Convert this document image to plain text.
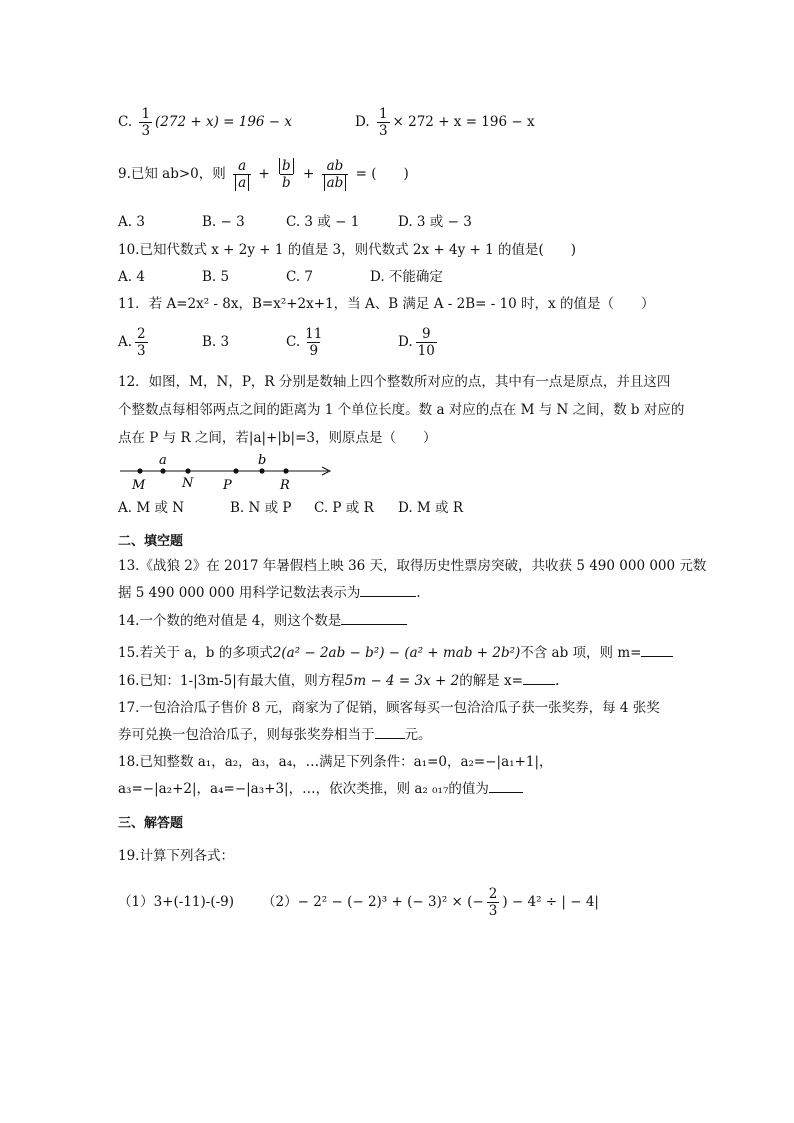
C. $\frac{1}{3} (272 + x) = 196 - x$	D. $\frac{1}{3} \times 272 + x = 196 - x$
9.已知 ab>0，则 $\frac{a}{a} + \frac{b}{b} + \frac{ab}{ab}$ = (　　)
A. 3	B. − 3	C. 3 或 − 1	D. 3 或 − 3
10.已知代数式 x + 2y + 1 的值是 3，则代数式 2x + 4y + 1 的值是(　　)
A. 4	B. 5	C. 7	D. 不能确定
11．若 A=2x² - 8x，B=x²+2x+1，当 A、B 满足 A - 2B= - 10 时，x 的值是（　　）
A. $\frac{2}{3}$	B. 3	C. $\frac{11}{9}$	D. $\frac{9}{10}$
12．如图，M，N，P，R 分别是数轴上四个整数所对应的点，其中有一点是原点，并且这四
个整数点每相邻两点之间的距离为 1 个单位长度。数 a 对应的点在 M 与 N 之间，数 b 对应的
点在 P 与 R 之间，若|a|+|b|=3，则原点是（　　）
a	b
M	N P	R
A. M 或 N	B. N 或 P C. P 或 R D. M 或 R
二、填空题
13.《战狼 2》在 2017 年暑假档上映 36 天，取得历史性票房突破，共收获 5 490 000 000 元数
据 5 490 000 000 用科学记数法表示为	.
14.一个数的绝对值是 4，则这个数是
15.若关于 a，b 的多项式2(a² − 2ab − b²) − (a² + mab + 2b²)不含 ab 项，则 m=
16.已知：1-|3m-5|有最大值，则方程5m − 4 = 3x + 2的解是 x= .
17.一包洽洽瓜子售价 8 元，商家为了促销，顾客每买一包洽洽瓜子获一张奖券，每 4 张奖
券可兑换一包洽洽瓜子，则每张奖券相当于 元。
18.已知整数 a₁，a₂，a₃，a₄，…满足下列条件：a₁=0，a₂=−|a₁+1|，
a₃=−|a₂+2|，a₄=−|a₃+3|，…，依次类推，则 a₂ ₀₁₇的值为
三、解答题
19.计算下列各式：
（1）3+(-11)-(-9) （2）− 2² − (− 2)³ + (− 3)² × (− $\frac{2}{3}$ ) − 4² ÷ | − 4|
